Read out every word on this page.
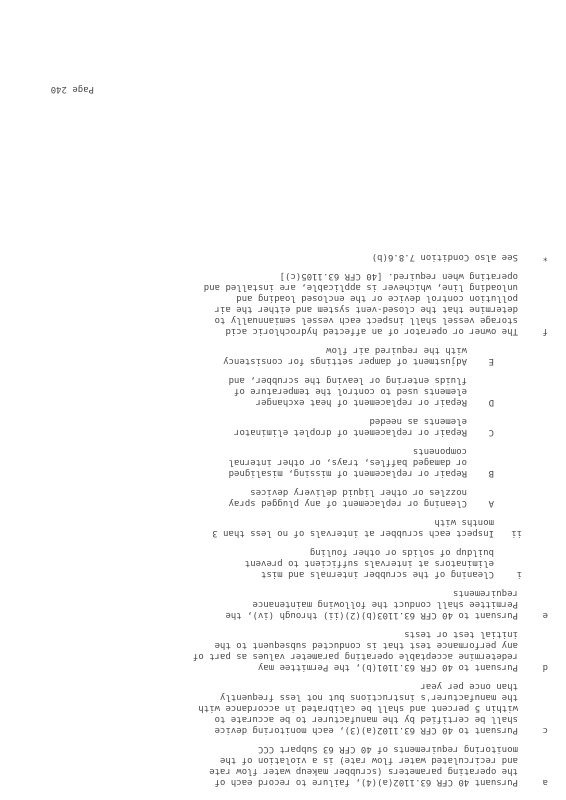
a
Pursuant 40 CFR 63.1102(a)(4), failure to record each of
the operating parameters (scrubber makeup water flow rate
and recirculated water flow rate) is a violation of the
monitoring requirements of 40 CFR 63 Subpart CCC
c
Pursuant to 40 CFR 63.1102(a)(3), each monitoring device
shall be certified by the manufacturer to be accurate to
within 5 percent and shall be calibrated in accordance with
the manufacturer's instructions but not less frequently
than once per year
d
Pursuant to 40 CFR 63.1101(b), the Permittee may
redetermine acceptable operating parameter values as part of
any performance test that is conducted subsequent to the
initial test or tests
e
Pursuant to 40 CFR 63.1103(b)(2)(ii) through (iv), the
Permittee shall conduct the following maintenance
requirements
i
Cleaning of the scrubber internals and mist
eliminators at intervals sufficient to prevent
buildup of solids or other fouling
ii
Inspect each scrubber at intervals of no less than 3
months with
A
Cleaning or replacement of any plugged spray
nozzles or other liquid delivery devices
B
Repair or replacement of missing, misaligned
or damaged baffles, trays, or other internal
components
C
Repair or replacement of droplet eliminator
elements as needed
D
Repair or replacement of heat exchanger
elements used to control the temperature of
fluids entering or leaving the scrubber, and
E
Adjustment of damper settings for consistency
with the required air flow
f
The owner or operator of an affected hydrochloric acid
storage vessel shall inspect each vessel semiannually to
determine that the closed-vent system and either the air
pollution control device or the enclosed loading and
unloading line, whichever is applicable, are installed and
operating when required. [40 CFR 63.1105(c)]
*
See also Condition 7.8.6(b)
Page 240
